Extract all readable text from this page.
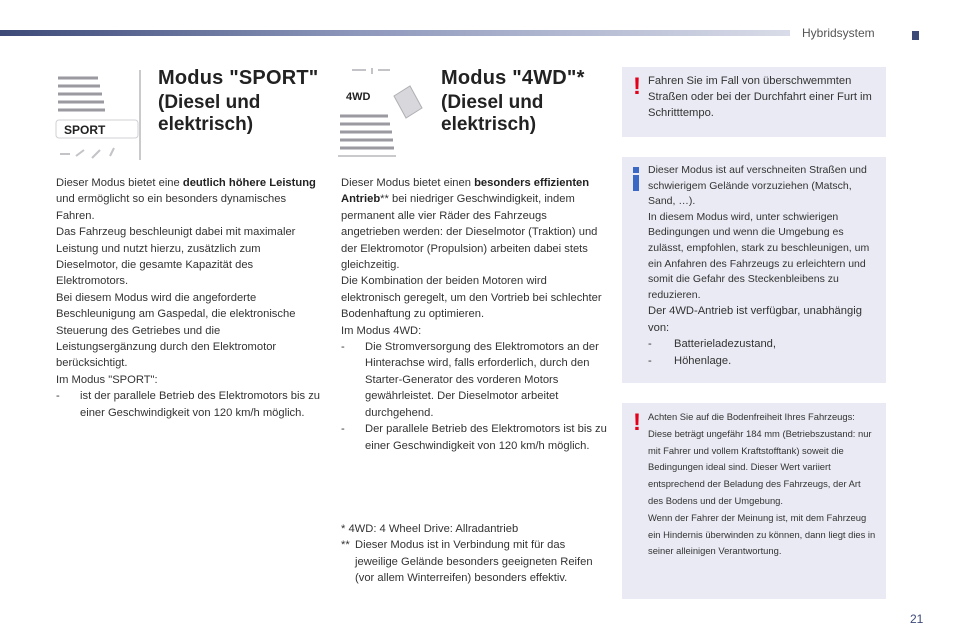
Hybridsystem
SPORT
4WD
Modus "SPORT"
(Diesel und elektrisch)

Dieser Modus bietet eine deutlich höhere Leistung und ermöglicht so ein besonders dynamisches Fahren.

Das Fahrzeug beschleunigt dabei mit maximaler Leistung und nutzt hierzu, zusätzlich zum Dieselmotor, die gesamte Kapazität des Elektromotors.

Bei diesem Modus wird die angeforderte Beschleunigung am Gaspedal, die elektronische Steuerung des Getriebes und die Leistungsergänzung durch den Elektromotor berücksichtigt.

Im Modus "SPORT":

-	ist der parallele Betrieb des Elektromotors bis zu einer Geschwindigkeit von 120 km/h möglich.
Modus "4WD"*
(Diesel und elektrisch)

Dieser Modus bietet einen besonders effizienten Antrieb** bei niedriger Geschwindigkeit, indem permanent alle vier Räder des Fahrzeugs angetrieben werden: der Dieselmotor (Traktion) und der Elektromotor (Propulsion) arbeiten dabei stets gleichzeitig.

Die Kombination der beiden Motoren wird elektronisch geregelt, um den Vortrieb bei schlechter Bodenhaftung zu optimieren.

Im Modus 4WD:

-	Die Stromversorgung des Elektromotors an der Hinterachse wird, falls erforderlich, durch den Starter-Generator des vorderen Motors gewährleistet. Der Dieselmotor arbeitet durchgehend.
-	Der parallele Betrieb des Elektromotors ist bis zu einer Geschwindigkeit von 120 km/h möglich.

* 4WD: 4 Wheel Drive: Allradantrieb

** Dieser Modus ist in Verbindung mit für das jeweilige Gelände besonders geeigneten Reifen (vor allem Winterreifen) besonders effektiv.
! Fahren Sie im Fall von überschwemmten Straßen oder bei der Durchfahrt einer Furt im Schritttempo.

Dieser Modus ist auf verschneiten Straßen und schwierigem Gelände vorzuziehen (Matsch, Sand, …).

In diesem Modus wird, unter schwierigen Bedingungen und wenn die Umgebung es zulässt, empfohlen, stark zu beschleunigen, um ein Anfahren des Fahrzeugs zu erleichtern und somit die Gefahr des Steckenbleibens zu reduzieren.

Der 4WD-Antrieb ist verfügbar, unabhängig von:

-	Batterieladezustand,
-	Höhenlage.
! Achten Sie auf die Bodenfreiheit Ihres Fahrzeugs: Diese beträgt ungefähr 184 mm (Betriebszustand: nur mit Fahrer und vollem Kraftstofftank) soweit die Bedingungen ideal sind. Dieser Wert variiert entsprechend der Beladung des Fahrzeugs, der Art des Bodens und der Umgebung.

Wenn der Fahrer der Meinung ist, mit dem Fahrzeug ein Hindernis überwinden zu können, dann liegt dies in seiner alleinigen Verantwortung.

21
